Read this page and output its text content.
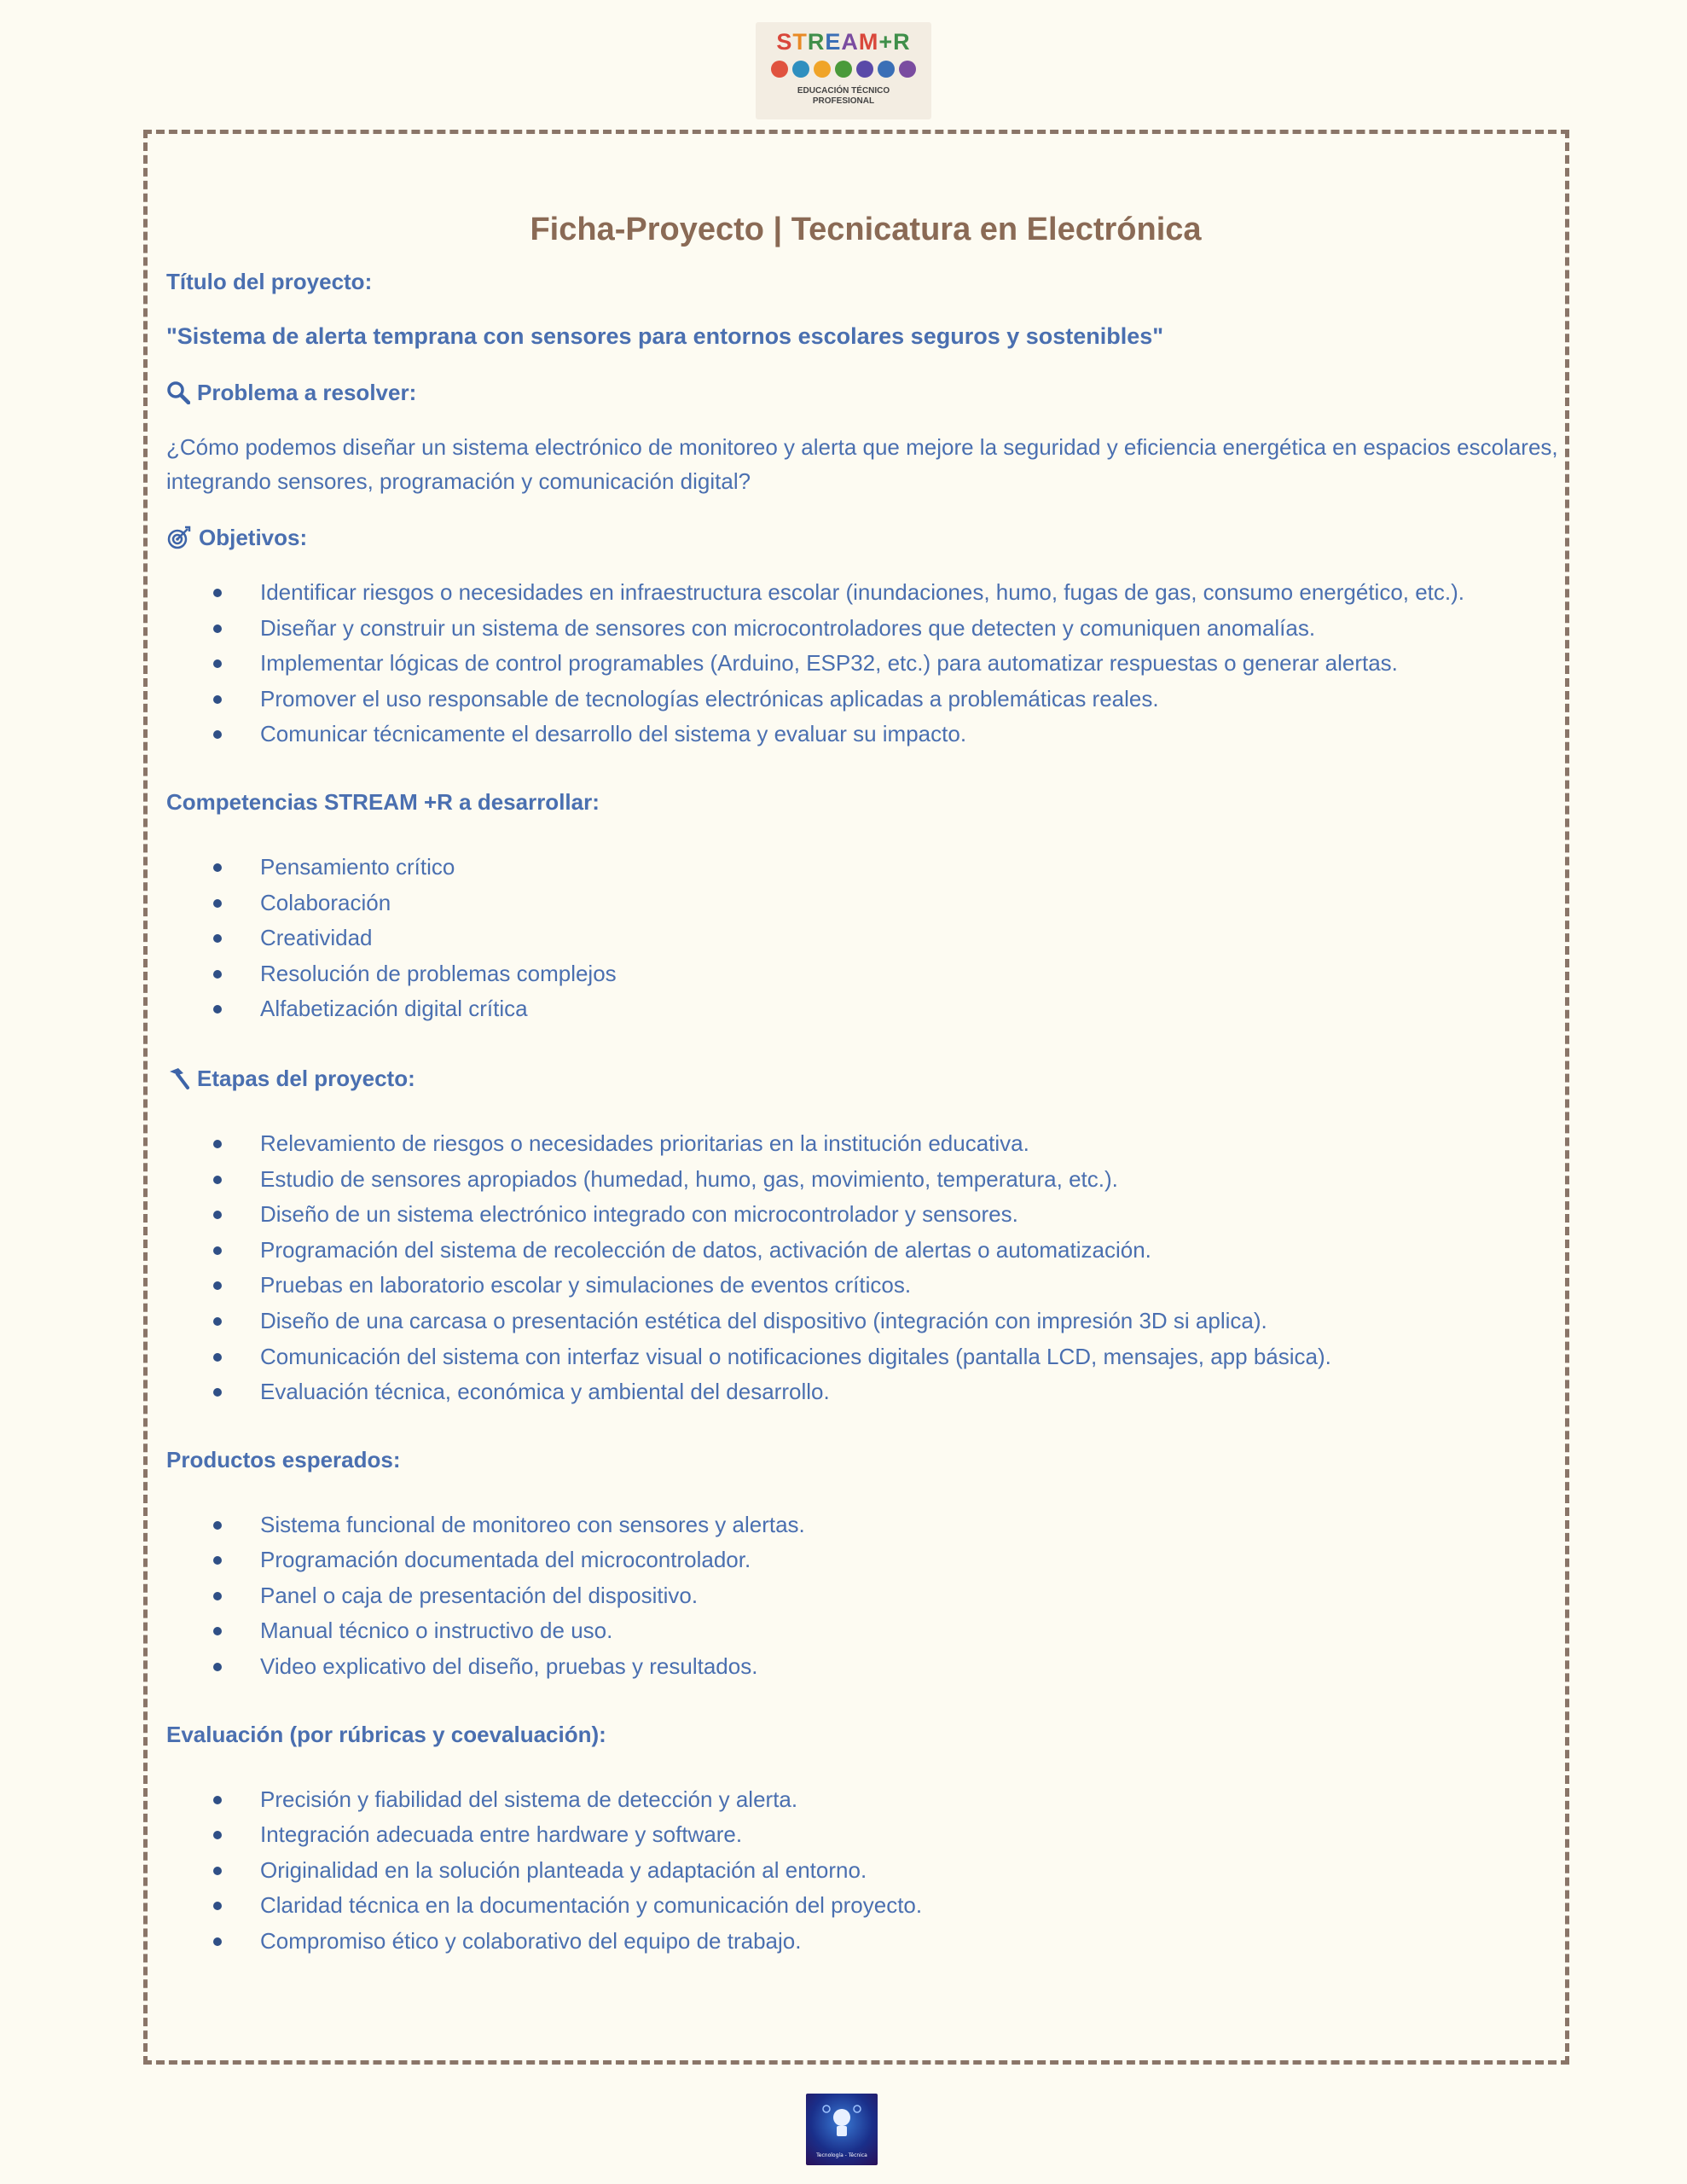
STREAM+R
EDUCACIÓN TÉCNICO PROFESIONAL
Ficha-Proyecto | Tecnicatura en Electrónica

Título del proyecto:

"Sistema de alerta temprana con sensores para entornos escolares seguros y sostenibles"

Problema a resolver:

¿Cómo podemos diseñar un sistema electrónico de monitoreo y alerta que mejore la seguridad y eficiencia energética en espacios escolares, integrando sensores, programación y comunicación digital?

Objetivos:
Identificar riesgos o necesidades en infraestructura escolar (inundaciones, humo, fugas de gas, consumo energético, etc.).
Diseñar y construir un sistema de sensores con microcontroladores que detecten y comuniquen anomalías.
Implementar lógicas de control programables (Arduino, ESP32, etc.) para automatizar respuestas o generar alertas.
Promover el uso responsable de tecnologías electrónicas aplicadas a problemáticas reales.
Comunicar técnicamente el desarrollo del sistema y evaluar su impacto.

Competencias STREAM +R a desarrollar:

Pensamiento crítico
Colaboración
Creatividad
Resolución de problemas complejos
Alfabetización digital crítica
Etapas del proyecto:
Relevamiento de riesgos o necesidades prioritarias en la institución educativa.
Estudio de sensores apropiados (humedad, humo, gas, movimiento, temperatura, etc.).
Diseño de un sistema electrónico integrado con microcontrolador y sensores.
Programación del sistema de recolección de datos, activación de alertas o automatización.
Pruebas en laboratorio escolar y simulaciones de eventos críticos.
Diseño de una carcasa o presentación estética del dispositivo (integración con impresión 3D si aplica).
Comunicación del sistema con interfaz visual o notificaciones digitales (pantalla LCD, mensajes, app básica).
Evaluación técnica, económica y ambiental del desarrollo.

Productos esperados:

Sistema funcional de monitoreo con sensores y alertas.
Programación documentada del microcontrolador.
Panel o caja de presentación del dispositivo.
Manual técnico o instructivo de uso.
Video explicativo del diseño, pruebas y resultados.

Evaluación (por rúbricas y coevaluación):

Precisión y fiabilidad del sistema de detección y alerta.
Integración adecuada entre hardware y software.
Originalidad en la solución planteada y adaptación al entorno.
Claridad técnica en la documentación y comunicación del proyecto.
Compromiso ético y colaborativo del equipo de trabajo.
Tecnología - Técnica
